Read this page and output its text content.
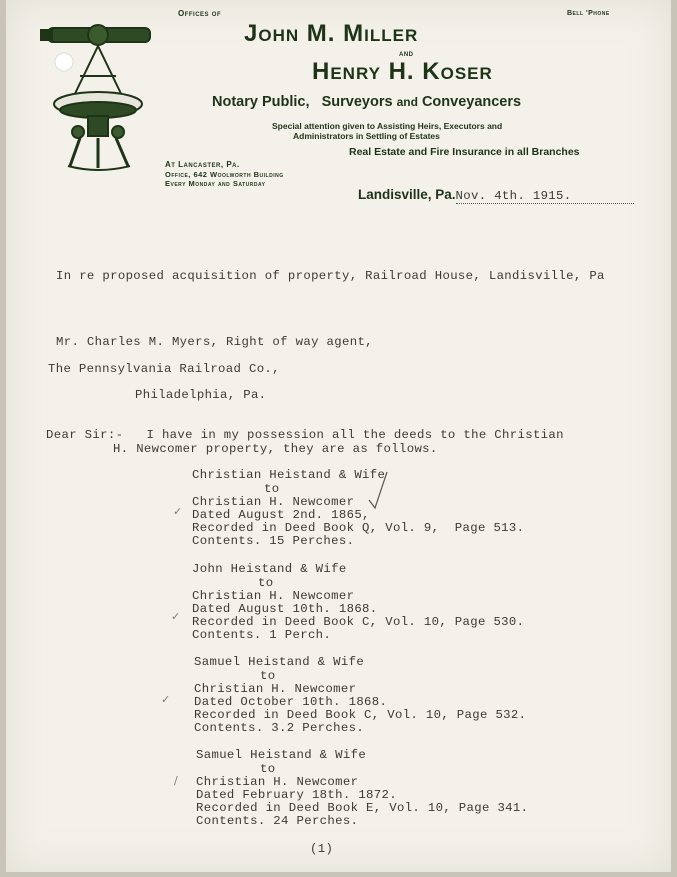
Offices of	Bell 'Phone
John M. Miller
and
Henry H. Koser
Notary Public, Surveyors and Conveyancers
Special attention given to Assisting Heirs, Executors and
Administrators in Settling of Estates
Real Estate and Fire Insurance in all Branches
At Lancaster, Pa.
Office, 642 Woolworth Building
Every Monday and Saturday
Landisville, Pa.Nov. 4th. 1915.
In re proposed acquisition of property, Railroad House, Landisville, Pa
Mr. Charles M. Myers, Right of way agent,
The Pennsylvania Railroad Co.,
Philadelphia, Pa.
Dear Sir:-   I have in my possession all the deeds to the Christian
H. Newcomer property, they are as follows.
Christian Heistand & Wife
to
Christian H. Newcomer
Dated August 2nd. 1865,
Recorded in Deed Book Q, Vol. 9,  Page 513.
Contents. 15 Perches.
✓
John Heistand & Wife
to
Christian H. Newcomer
Dated August 10th. 1868.
Recorded in Deed Book C, Vol. 10, Page 530.
Contents. 1 Perch.
✓
Samuel Heistand & Wife
to
Christian H. Newcomer
Dated October 10th. 1868.
Recorded in Deed Book C, Vol. 10, Page 532.
Contents. 3.2 Perches.
✓
Samuel Heistand & Wife
to
Christian H. Newcomer
Dated February 18th. 1872.
Recorded in Deed Book E, Vol. 10, Page 341.
Contents. 24 Perches.
/
(1)
